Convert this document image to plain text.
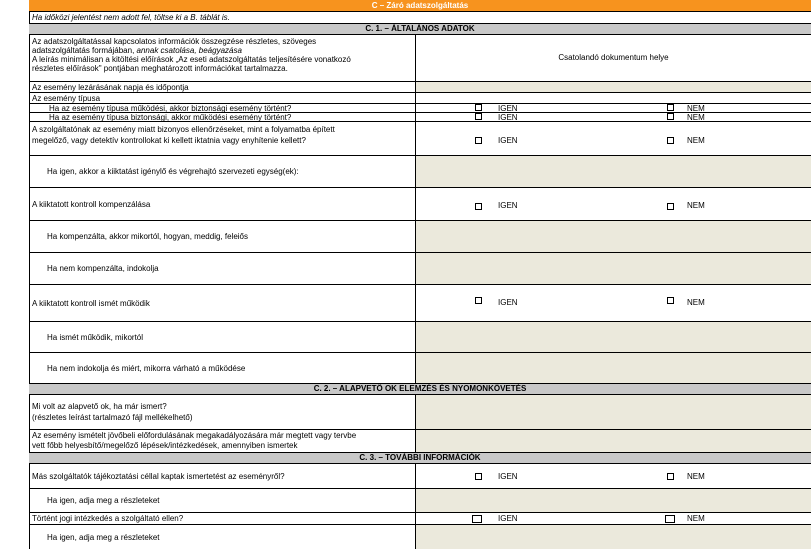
C – Záró adatszolgáltatás
Ha időközi jelentést nem adott fel, töltse ki a B. táblát is.
C. 1. – ÁLTALÁNOS ADATOK
Az adatszolgáltatással kapcsolatos információk összegzése részletes, szöveges
adatszolgáltatás formájában, annak csatolása, beágyazása
A leírás minimálisan a kitöltési előírások „Az eseti adatszolgáltatás teljesítésére vonatkozó
részletes előírások" pontjában meghatározott információkat tartalmazza.
Csatolandó dokumentum helye
Az esemény lezárásának napja és időpontja
Az esemény típusa
Ha az esemény típusa működési, akkor biztonsági esemény történt?	IGEN	NEM
Ha az esemény típusa biztonsági, akkor működési esemény történt?	IGEN	NEM
A szolgáltatónak az esemény miatt bizonyos ellenőrzéseket, mint a folyamatba épített
megelőző, vagy detektív kontrollokat ki kellett iktatnia vagy enyhítenie kellett?	IGEN	NEM
Ha igen, akkor a kiiktatást igénylő és végrehajtó szervezeti egység(ek):
A kiiktatott kontroll kompenzálása	IGEN	NEM
Ha kompenzálta, akkor mikortól, hogyan, meddig, feleiős
Ha nem kompenzálta, indokolja
A kiiktatott kontroll ismét működik	IGEN	NEM
Ha ismét működik, mikortól
Ha nem indokolja és miért, mikorra várható a működése
C. 2. – ALAPVETŐ OK ELEMZÉS ÉS NYOMONKÖVETÉS
Mi volt az alapvető ok, ha már ismert?
(részletes leírást tartalmazó fájl mellékelhető)
Az esemény ismételt jövőbeli előfordulásának megakadályozására már megtett vagy tervbe
vett főbb helyesbítő/megelőző lépések/intézkedések, amennyiben ismertek
C. 3. – TOVÁBBI INFORMÁCIÓK
Más szolgáltatók tájékoztatási céllal kaptak ismertetést az eseményről?	IGEN	NEM
Ha igen, adja meg a részleteket
Történt jogi intézkedés a szolgáltató ellen?	IGEN	NEM
Ha igen, adja meg a részleteket
